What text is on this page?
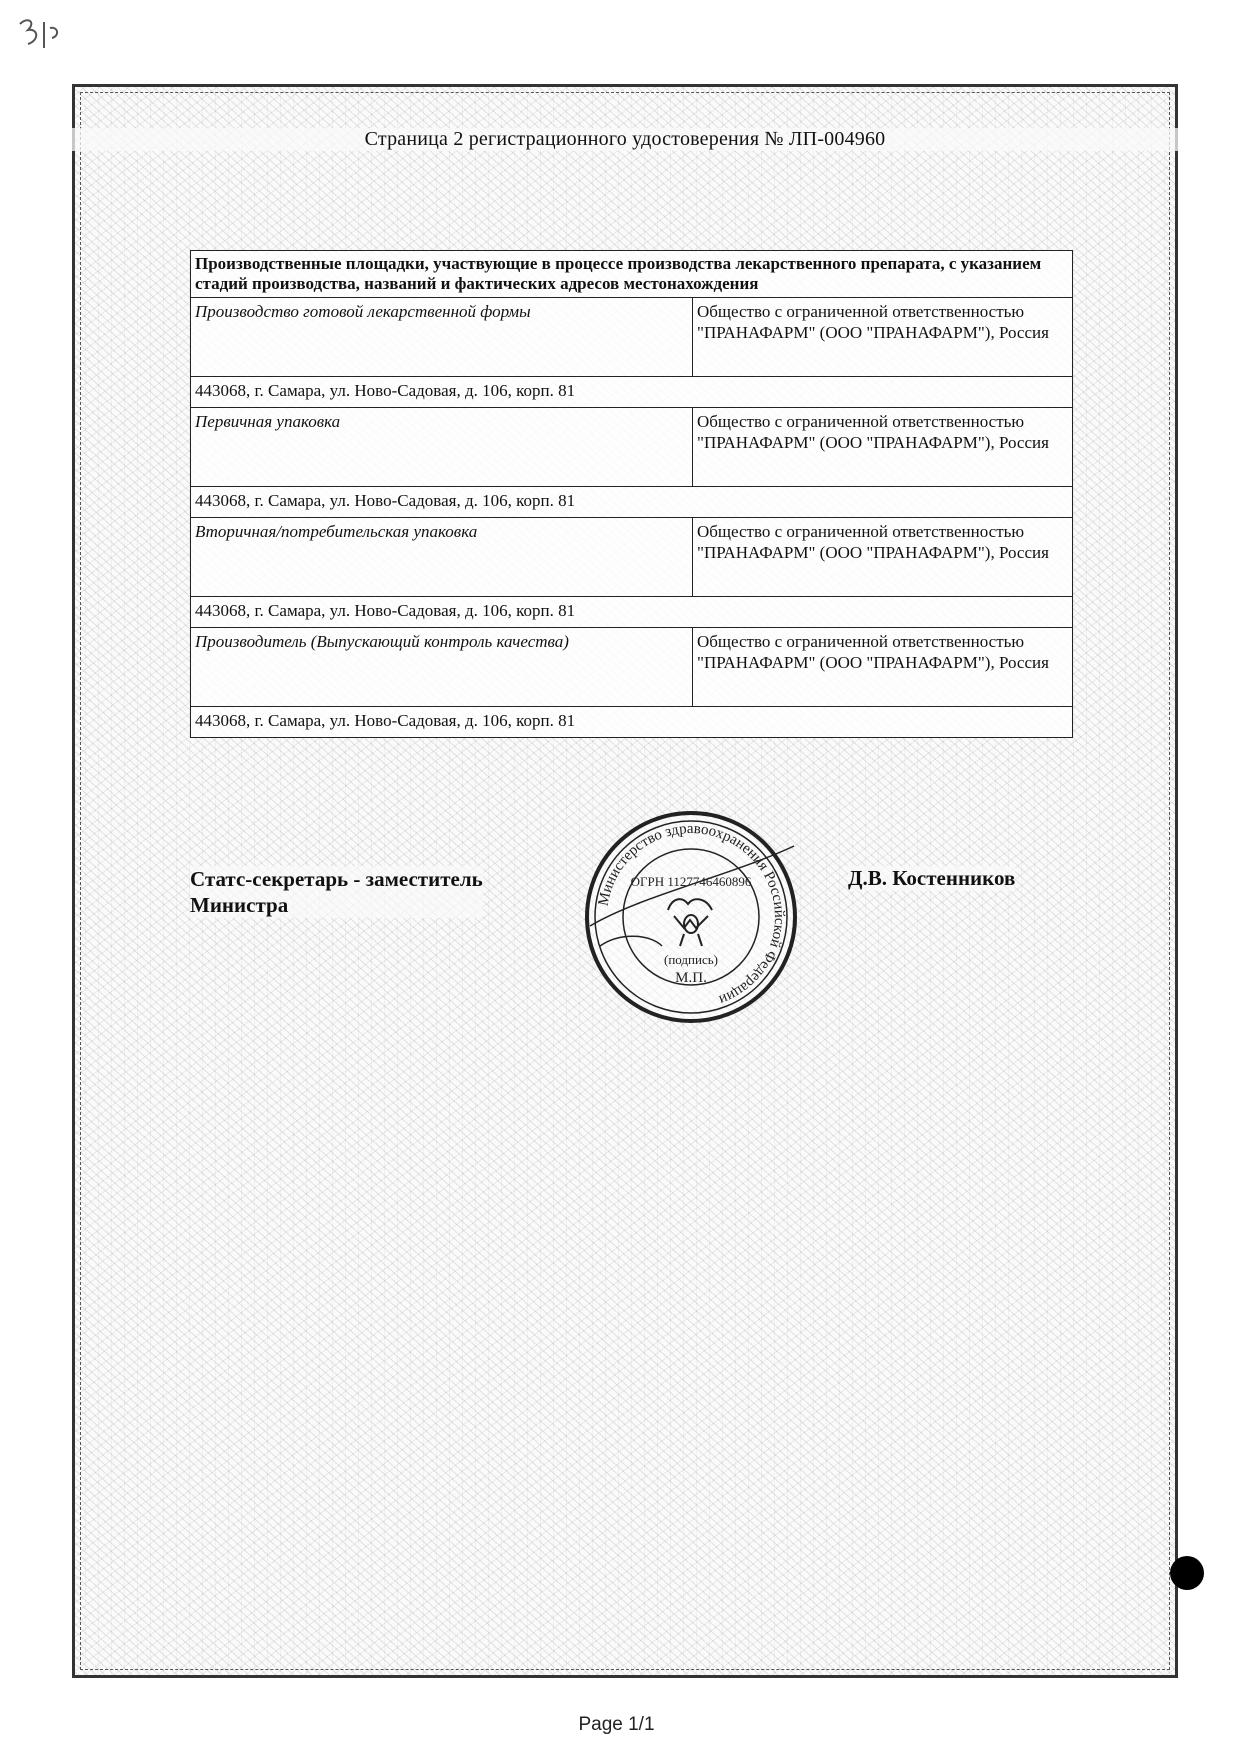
Страница 2 регистрационного удостоверения № ЛП-004960
Производственные площадки, участвующие в процессе производства лекарственного препарата, с указанием стадий производства, названий и фактических адресов местонахождения	
Производство готовой лекарственной формы	Общество с ограниченной ответственностью "ПРАНАФАРМ" (ООО "ПРАНАФАРМ"), Россия
443068, г. Самара, ул. Ново-Садовая, д. 106, корп. 81	
Первичная упаковка	Общество с ограниченной ответственностью "ПРАНАФАРМ" (ООО "ПРАНАФАРМ"), Россия
443068, г. Самара, ул. Ново-Садовая, д. 106, корп. 81	
Вторичная/потребительская упаковка	Общество с ограниченной ответственностью "ПРАНАФАРМ" (ООО "ПРАНАФАРМ"), Россия
443068, г. Самара, ул. Ново-Садовая, д. 106, корп. 81	
Производитель (Выпускающий контроль качества)	Общество с ограниченной ответственностью "ПРАНАФАРМ" (ООО "ПРАНАФАРМ"), Россия
443068, г. Самара, ул. Ново-Садовая, д. 106, корп. 81	
Статс-секретарь - заместитель
Министра
Д.В. Костенников
Министерство здравоохранения Российской Федерации
ОГРН 1127746460896
(подпись)
М.П.
Page 1/1
